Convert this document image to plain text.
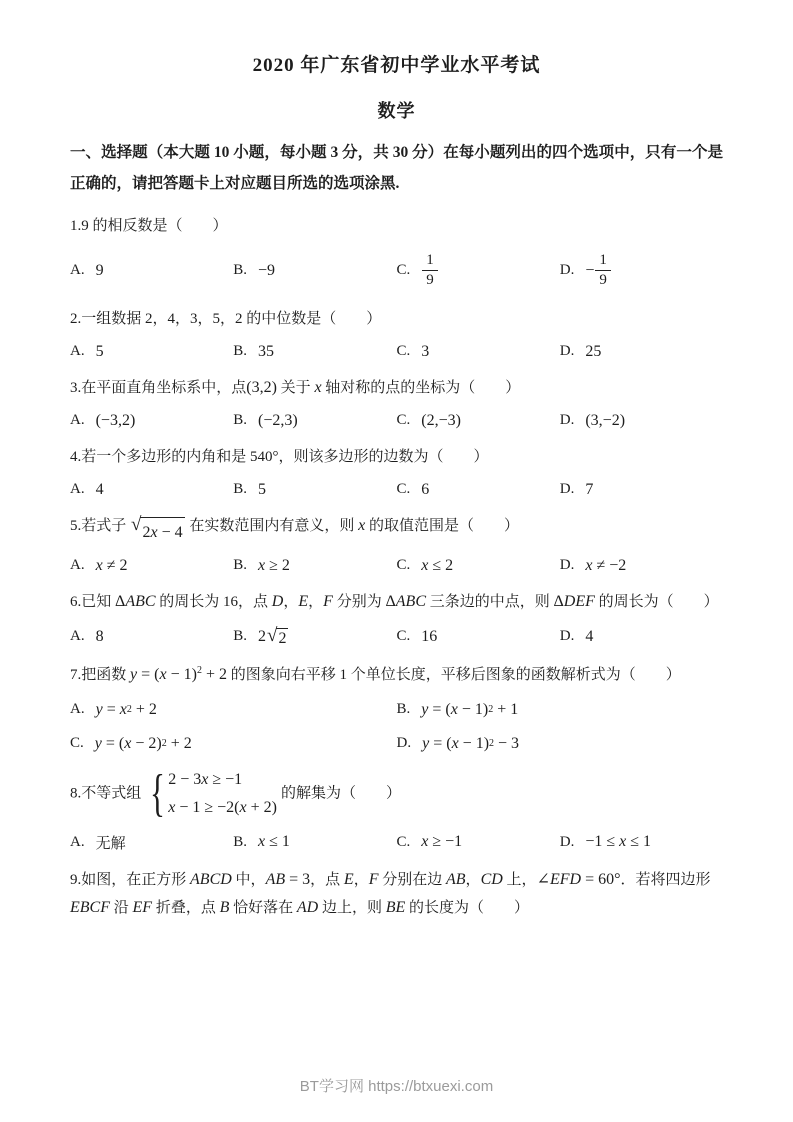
2020 年广东省初中学业水平考试
数学

一、选择题（本大题 10 小题，每小题 3 分，共 30 分）在每小题列出的四个选项中，只有一个是正确的，请把答题卡上对应题目所选的选项涂黑.

1.9 的相反数是（　　）
A. 9	B. −9	C. $\frac{1}{9}$	D. − $\frac{1}{9}$
2.一组数据 2，4，3，5，2 的中位数是（　　）
A. 5	B. 35	C. 3	D. 25
3.在平面直角坐标系中，点(3,2) 关于 x 轴对称的点的坐标为（　　）
A. (−3,2)	B. (−2,3)	C. (2,−3)	D. (3,−2)
4.若一个多边形的内角和是 540°，则该多边形的边数为（　　）
A. 4	B. 5	C. 6	D. 7
5.若式子 √ 2x − 4 在实数范围内有意义，则 x 的取值范围是（　　）
A. x ≠ 2	B. x ≥ 2	C. x ≤ 2	D. x ≠ −2
6.已知 ΔABC 的周长为 16，点 D，E，F 分别为 ΔABC 三条边的中点，则 ΔDEF 的周长为（　　）
A. 8	B. 2 √ 2	C. 16	D. 4
7.把函数 $y = (x - 1)^2 + 2$ 的图象向右平移 1 个单位长度，平移后图象的函数解析式为（　　）
A. y = x 2 + 2	B. y = ( x − 1) 2 + 1
C. y = ( x − 2) 2 + 2	D. y = ( x − 1) 2 − 3
8.不等式组
{
2 − 3x ≥ −1
x − 1 ≥ −2(x + 2)
的解集为（　　）
A. 无解	B. x ≤ 1	C. x ≥ −1	D. −1 ≤ x ≤ 1
9.如图，在正方形 ABCD 中，AB = 3，点 E，F 分别在边 AB，CD 上，∠EFD = 60°．若将四边形 EBCF 沿 EF 折叠，点 B 恰好落在 AD 边上，则 BE 的长度为（　　）
BT学习网 https://btxuexi.com
